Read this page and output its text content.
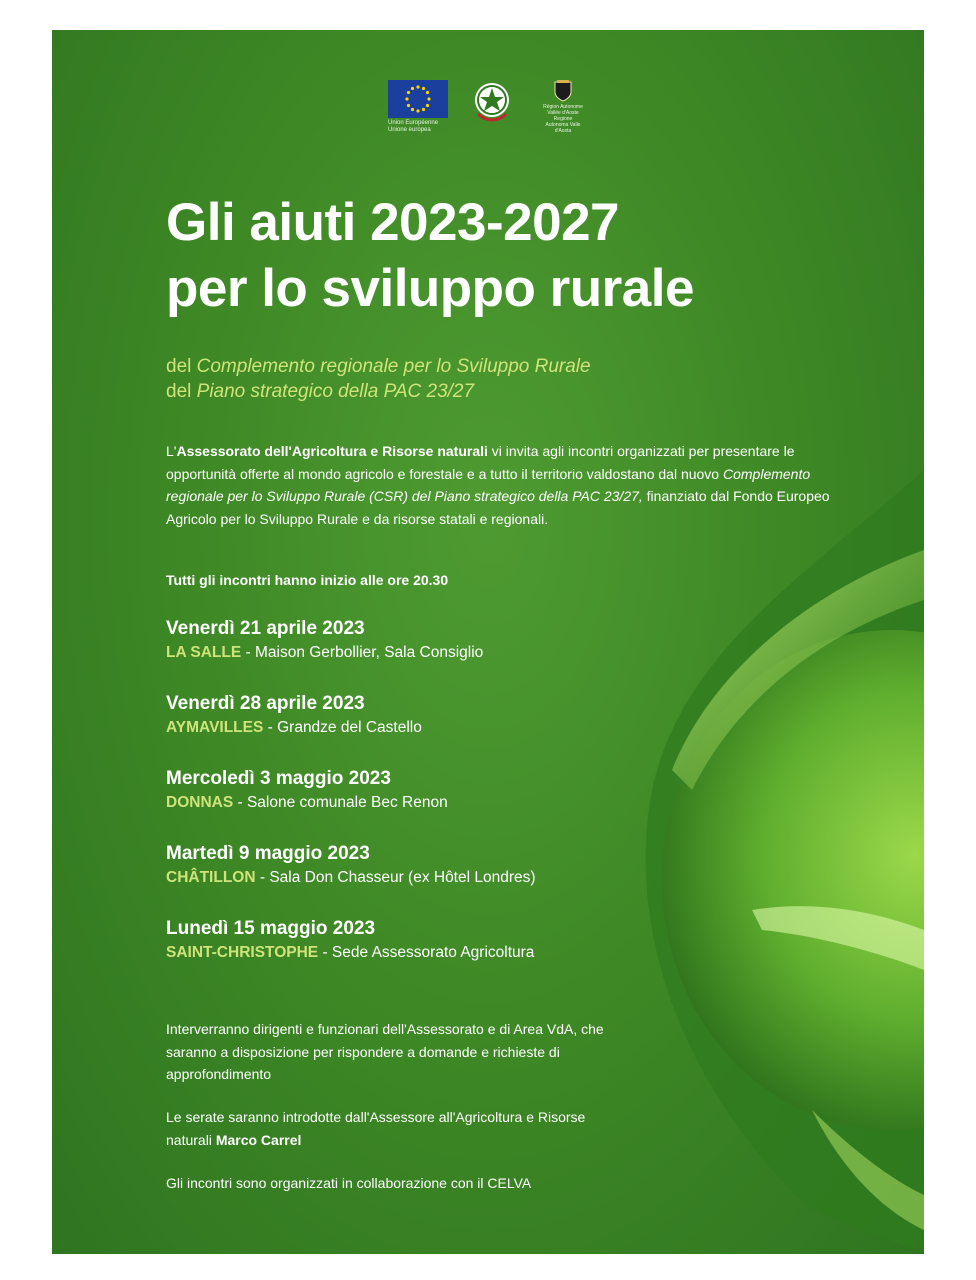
Union Européenne
Unione europea
Région Autonome Vallée d'Aoste Regione Autonoma Valle d'Aosta
Gli aiuti 2023-2027
per lo sviluppo rurale
del Complemento regionale per lo Sviluppo Rurale
del Piano strategico della PAC 23/27
L'Assessorato dell'Agricoltura e Risorse naturali vi invita agli incontri organizzati per presentare le opportunità offerte al mondo agricolo e forestale e a tutto il territorio valdostano dal nuovo Complemento regionale per lo Sviluppo Rurale (CSR) del Piano strategico della PAC 23/27, finanziato dal Fondo Europeo Agricolo per lo Sviluppo Rurale e da risorse statali e regionali.
Tutti gli incontri hanno inizio alle ore 20.30
Venerdì 21 aprile 2023
LA SALLE - Maison Gerbollier, Sala Consiglio
Venerdì 28 aprile 2023
AYMAVILLES - Grandze del Castello
Mercoledì 3 maggio 2023
DONNAS - Salone comunale Bec Renon
Martedì 9 maggio 2023
CHÂTILLON - Sala Don Chasseur (ex Hôtel Londres)
Lunedì 15 maggio 2023
SAINT-CHRISTOPHE - Sede Assessorato Agricoltura
Interverranno dirigenti e funzionari dell'Assessorato e di Area VdA, che saranno a disposizione per rispondere a domande e richieste di approfondimento
Le serate saranno introdotte dall'Assessore all'Agricoltura e Risorse naturali Marco Carrel
Gli incontri sono organizzati in collaborazione con il CELVA
